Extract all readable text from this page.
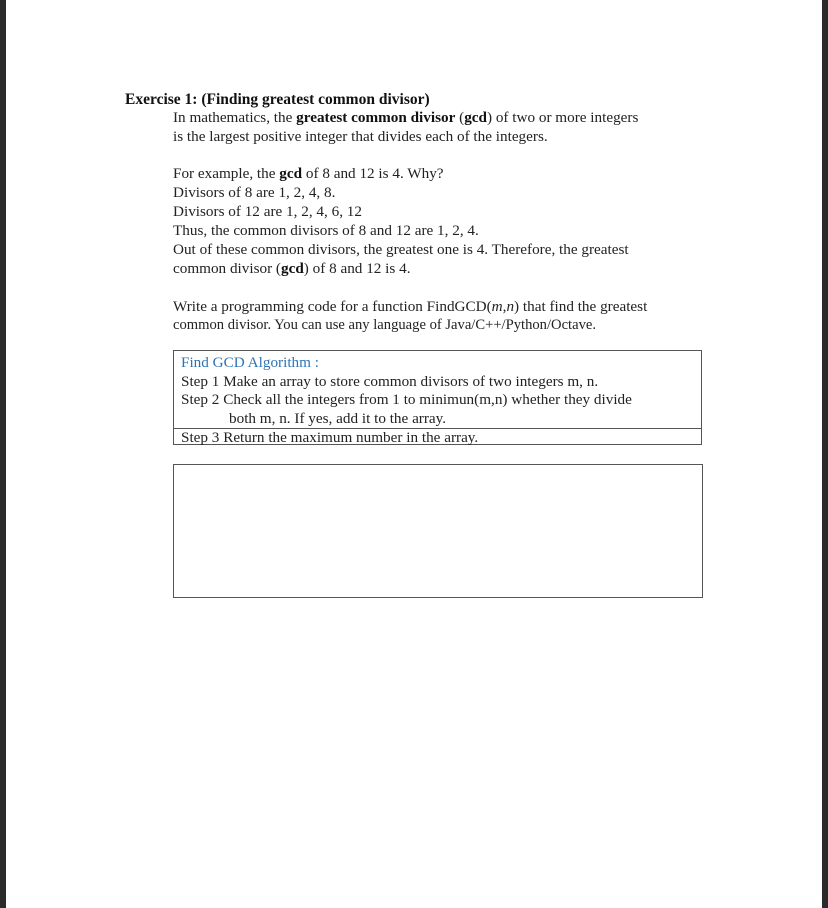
Exercise 1: (Finding greatest common divisor)
In mathematics, the greatest common divisor (gcd) of two or more integers
is the largest positive integer that divides each of the integers.
For example, the gcd of 8 and 12 is 4. Why?
Divisors of 8 are 1, 2, 4, 8.
Divisors of 12 are 1, 2, 4, 6, 12
Thus, the common divisors of 8 and 12 are 1, 2, 4.
Out of these common divisors, the greatest one is 4. Therefore, the greatest
common divisor (gcd) of 8 and 12 is 4.
Write a programming code for a function FindGCD(m,n) that find the greatest
common divisor. You can use any language of Java/C++/Python/Octave.
Find GCD Algorithm :
Step 1 Make an array to store common divisors of two integers m, n.
Step 2 Check all the integers from 1 to minimun(m,n) whether they divide
both m, n. If yes, add it to the array.
Step 3 Return the maximum number in the array.
